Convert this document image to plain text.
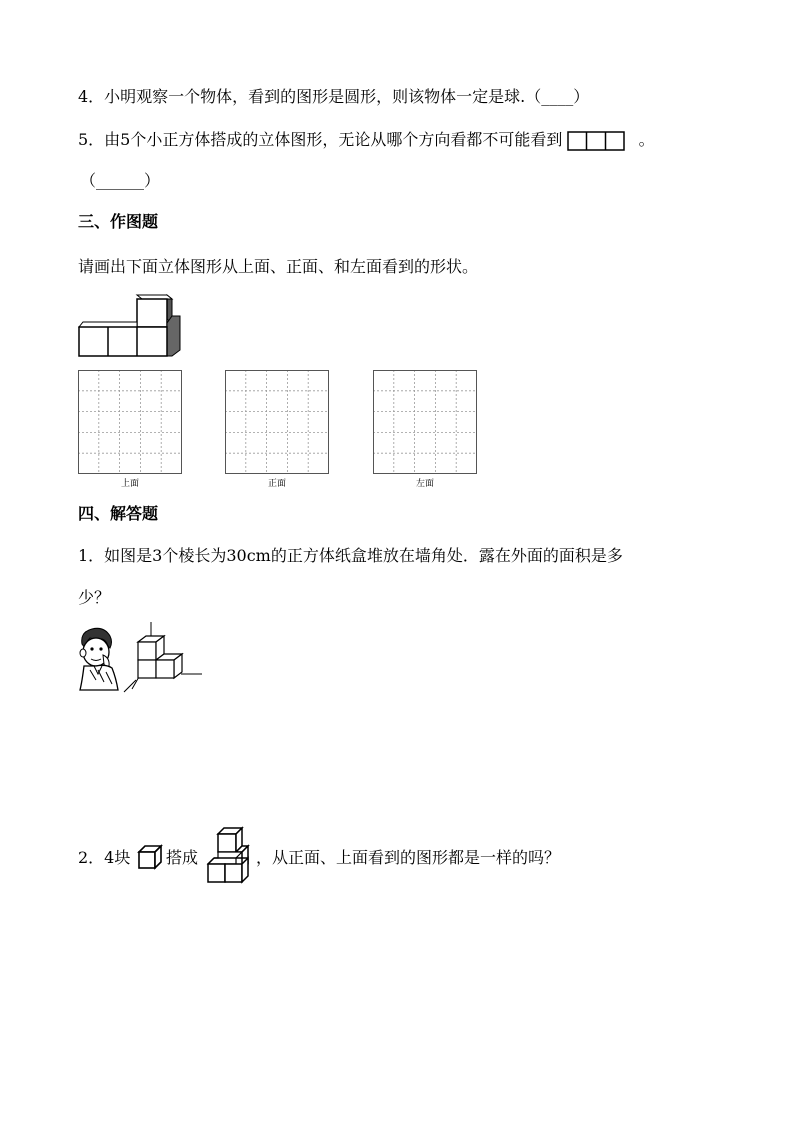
4．小明观察一个物体，看到的图形是圆形，则该物体一定是球.（____）
5．由5个小正方体搭成的立体图形，无论从哪个方向看都不可能看到	。
（______）
三、作图题
请画出下面立体图形从上面、正面、和左面看到的形状。
上面	正面	左面
四、解答题
1．如图是3个棱长为30cm的正方体纸盒堆放在墙角处．露在外面的面积是多
少？
2．4块 搭成	，从正面、上面看到的图形都是一样的吗？
